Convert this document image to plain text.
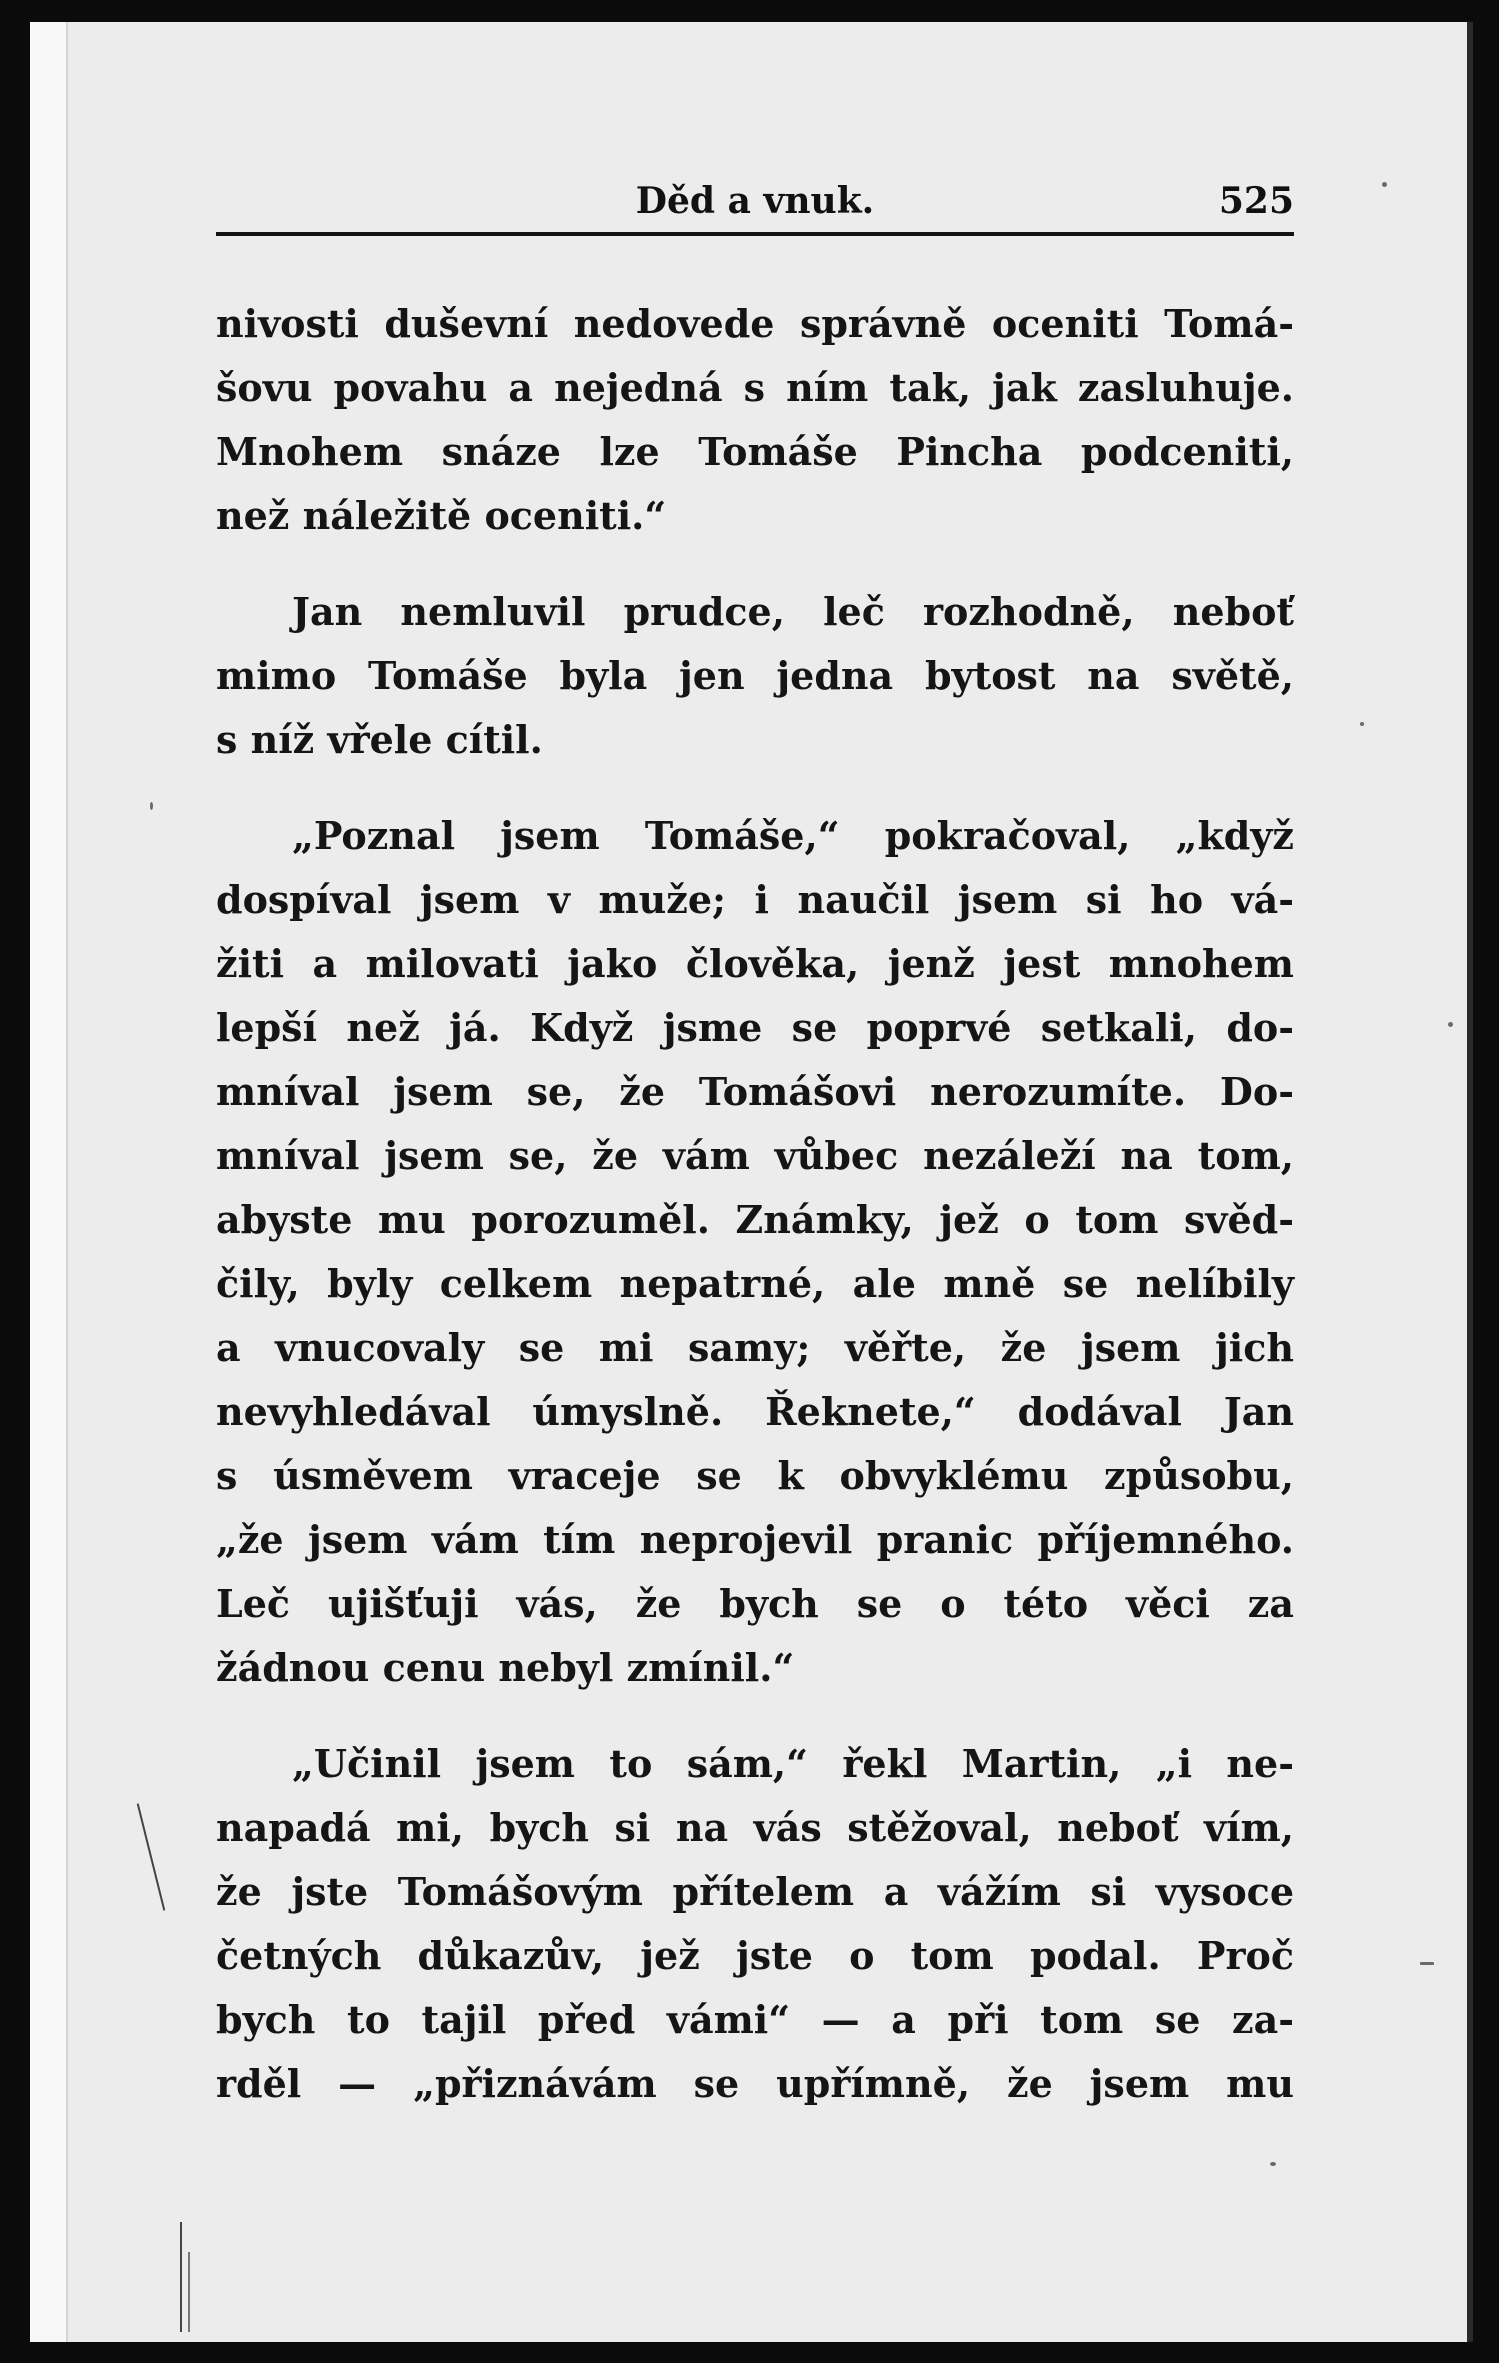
Děd a vnuk.	525
nivosti duševní nedovede správně oceniti Tomá-
šovu povahu a nejedná s ním tak, jak zasluhuje.
Mnohem snáze lze Tomáše Pincha podceniti,
než náležitě oceniti.“
Jan nemluvil prudce, leč rozhodně, neboť
mimo Tomáše byla jen jedna bytost na světě,
s níž vřele cítil.
„Poznal jsem Tomáše,“ pokračoval, „když
dospíval jsem v muže; i naučil jsem si ho vá-
žiti a milovati jako člověka, jenž jest mnohem
lepší než já. Když jsme se poprvé setkali, do-
mníval jsem se, že Tomášovi nerozumíte. Do-
mníval jsem se, že vám vůbec nezáleží na tom,
abyste mu porozuměl. Známky, jež o tom svěd-
čily, byly celkem nepatrné, ale mně se nelíbily
a vnucovaly se mi samy; věřte, že jsem jich
nevyhledával úmyslně. Řeknete,“ dodával Jan
s úsměvem vraceje se k obvyklému způsobu,
„že jsem vám tím neprojevil pranic příjemného.
Leč ujišťuji vás, že bych se o této věci za
žádnou cenu nebyl zmínil.“
„Učinil jsem to sám,“ řekl Martin, „i ne-
napadá mi, bych si na vás stěžoval, neboť vím,
že jste Tomášovým přítelem a vážím si vysoce
četných důkazův, jež jste o tom podal. Proč
bych to tajil před vámi“ — a při tom se za-
rděl — „přiznávám se upřímně, že jsem mu
